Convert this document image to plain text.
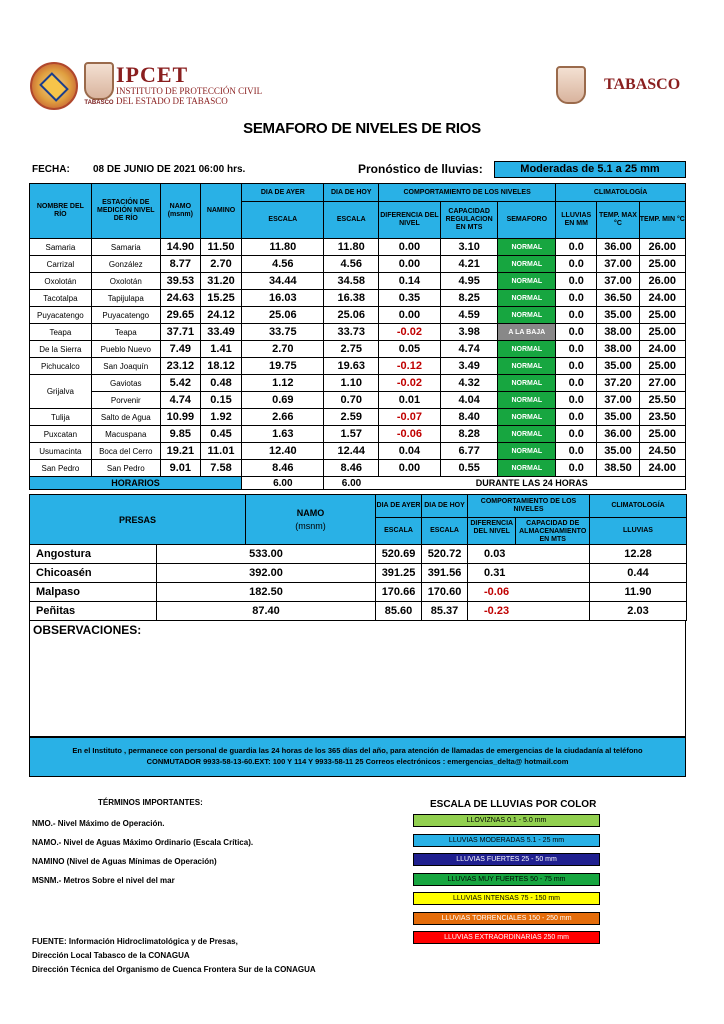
TABASCO
IPCET
INSTITUTO DE PROTECCIÓN CIVIL
DEL ESTADO DE TABASCO
TABASCO
SEMAFORO DE NIVELES DE RIOS
FECHA: 08 DE JUNIO DE 2021 06:00 hrs.	Pronóstico de lluvias:	Moderadas de 5.1 a 25 mm
NOMBRE DEL RÍO	ESTACIÓN DE MEDICIÓN NIVEL DE RÍO	NAMO (msnm)	NAMINO	DIA DE AYER	DIA DE HOY	COMPORTAMIENTO DE LOS NIVELES			CLIMATOLOGÍA		
				ESCALA	ESCALA	DIFERENCIA DEL NIVEL	CAPACIDAD REGULACION EN MTS	SEMAFORO	LLUVIAS EN MM	TEMP. MAX °C	TEMP. MIN °C
Samaria	Samaria	14.90	11.50	11.80	11.80	0.00	3.10	NORMAL	0.0	36.00	26.00
Carrizal	González	8.77	2.70	4.56	4.56	0.00	4.21	NORMAL	0.0	37.00	25.00
Oxolotán	Oxolotán	39.53	31.20	34.44	34.58	0.14	4.95	NORMAL	0.0	37.00	26.00
Tacotalpa	Tapijulapa	24.63	15.25	16.03	16.38	0.35	8.25	NORMAL	0.0	36.50	24.00
Puyacatengo	Puyacatengo	29.65	24.12	25.06	25.06	0.00	4.59	NORMAL	0.0	35.00	25.00
Teapa	Teapa	37.71	33.49	33.75	33.73	-0.02	3.98	A LA BAJA	0.0	38.00	25.00
De la Sierra	Pueblo Nuevo	7.49	1.41	2.70	2.75	0.05	4.74	NORMAL	0.0	38.00	24.00
Pichucalco	San Joaquín	23.12	18.12	19.75	19.63	-0.12	3.49	NORMAL	0.0	35.00	25.00
Grijalva	Gaviotas	5.42	0.48	1.12	1.10	-0.02	4.32	NORMAL	0.0	37.20	27.00
	Porvenir	4.74	0.15	0.69	0.70	0.01	4.04	NORMAL	0.0	37.00	25.50
Tulija	Salto de Agua	10.99	1.92	2.66	2.59	-0.07	8.40	NORMAL	0.0	35.00	23.50
Puxcatan	Macuspana	9.85	0.45	1.63	1.57	-0.06	8.28	NORMAL	0.0	36.00	25.00
Usumacinta	Boca del Cerro	19.21	11.01	12.40	12.44	0.04	6.77	NORMAL	0.0	35.00	24.50
San Pedro	San Pedro	9.01	7.58	8.46	8.46	0.00	0.55	NORMAL	0.0	38.50	24.00
HORARIOS				6.00	6.00	DURANTE LAS 24 HORAS					
PRESAS	NAMO
(msnm)	DIA DE AYER	DIA DE HOY	COMPORTAMIENTO DE LOS NIVELES	CLIMATOLOGÍA
		ESCALA	ESCALA	DIFERENCIA DEL NIVEL
CAPACIDAD DE ALMACENAMIENTO EN MTS	LLUVIAS
Angostura	533.00	520.69	520.72	0.03	12.28	
Chicoasén	392.00	391.25	391.56	0.31	0.44	
Malpaso	182.50	170.66	170.60	-0.06	11.90	
Peñitas	87.40	85.60	85.37	-0.23	2.03	
OBSERVACIONES:
En el Instituto , permanece con personal de guardia las 24 horas de los 365 días del año, para atención de llamadas de emergencias de la ciudadanía al teléfono
CONMUTADOR 9933-58-13-60.EXT: 100 Y 114 Y 9933-58-11 25 Correos electrónicos : emergencias_delta@ hotmail.com
TÉRMINOS IMPORTANTES:
NMO.- Nivel Máximo de Operación.
NAMO.- Nivel de Aguas Máximo Ordinario (Escala Crítica).
NAMINO (Nivel de Aguas Mínimas de Operación)
MSNM.- Metros Sobre el nivel del mar
ESCALA DE LLUVIAS POR COLOR
LLOVIZNAS 0.1 - 5.0 mm
LLUVIAS MODERADAS 5.1 - 25 mm
LLUVIAS FUERTES 25 - 50 mm
LLUVIAS MUY FUERTES 50 - 75 mm
LLUVIAS INTENSAS 75 - 150 mm
LLUVIAS TORRENCIALES 150 - 250 mm
LLUVIAS EXTRAORDINARIAS 250 mm
FUENTE: Información Hidroclimatológica y de Presas,
Dirección Local Tabasco de la CONAGUA
Dirección Técnica del Organismo de Cuenca Frontera Sur de la CONAGUA
